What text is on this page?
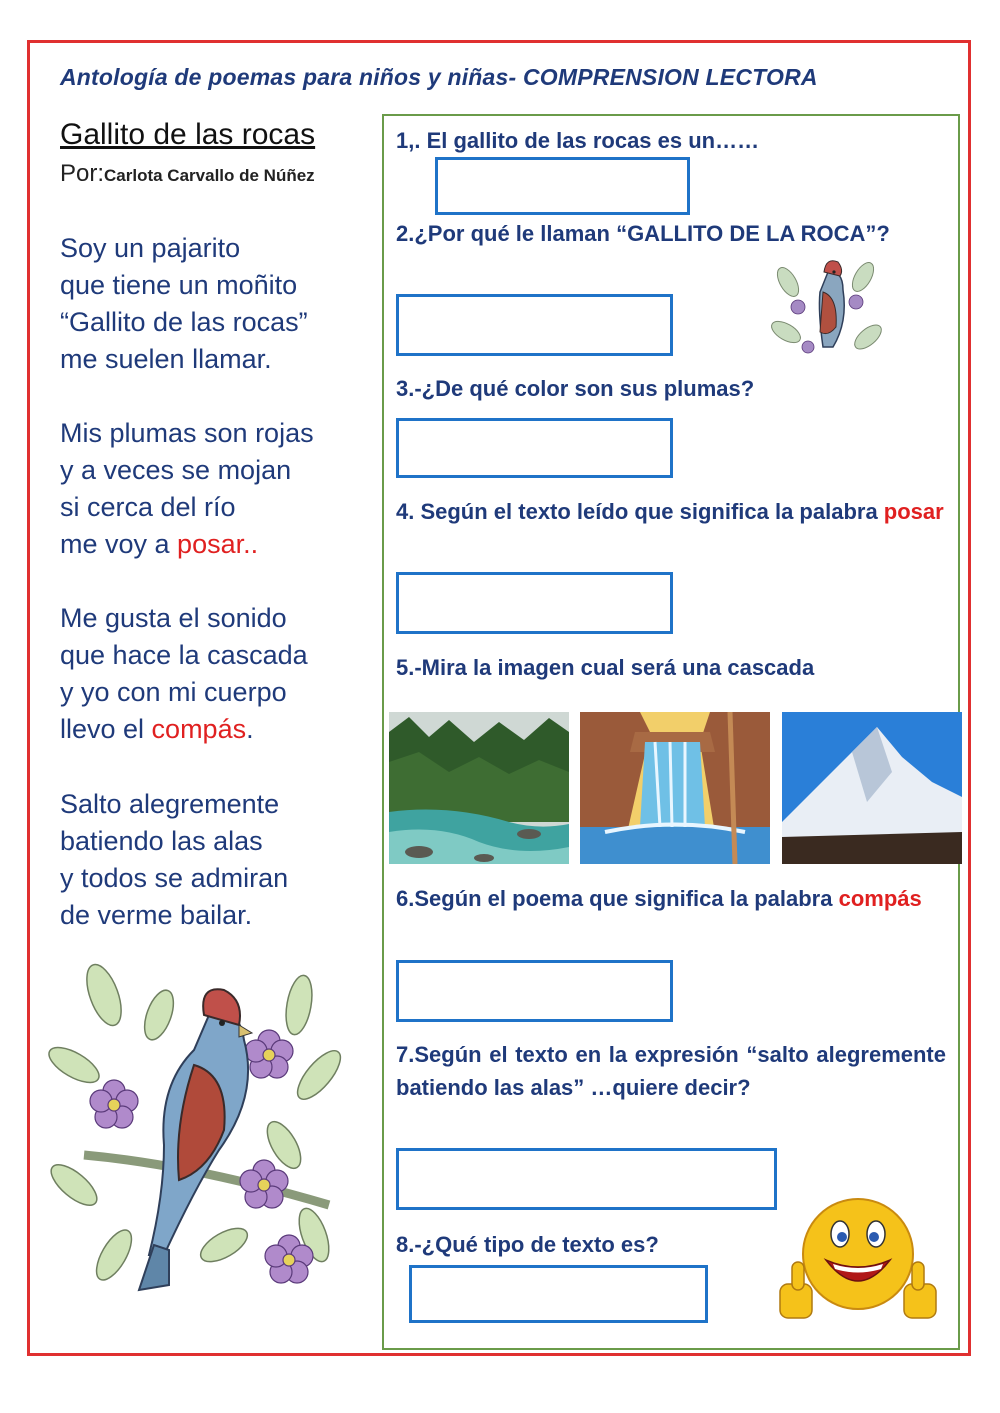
Antología de poemas para niños y niñas- COMPRENSION LECTORA
Gallito de las rocas
Por:Carlota Carvallo de Núñez
Soy un pajarito
que tiene un moñito
“Gallito de las rocas”
me suelen llamar.
Mis plumas son rojas
y a veces se mojan
si cerca del río
me voy a posar..
Me gusta el sonido
que hace la cascada
y yo con mi cuerpo
llevo el compás.
Salto alegremente
batiendo las alas
y todos se admiran
de verme bailar.
1,. El gallito de las rocas es un……
2.¿Por qué le llaman “GALLITO DE LA ROCA”?
3.-¿De qué color son sus plumas?
4. Según el texto leído que significa la palabra posar
5.-Mira la imagen cual será una cascada
6.Según el poema que significa la palabra compás
7.Según el texto en la expresión “salto alegremente batiendo las alas” …quiere decir?
8.-¿Qué tipo de texto es?
